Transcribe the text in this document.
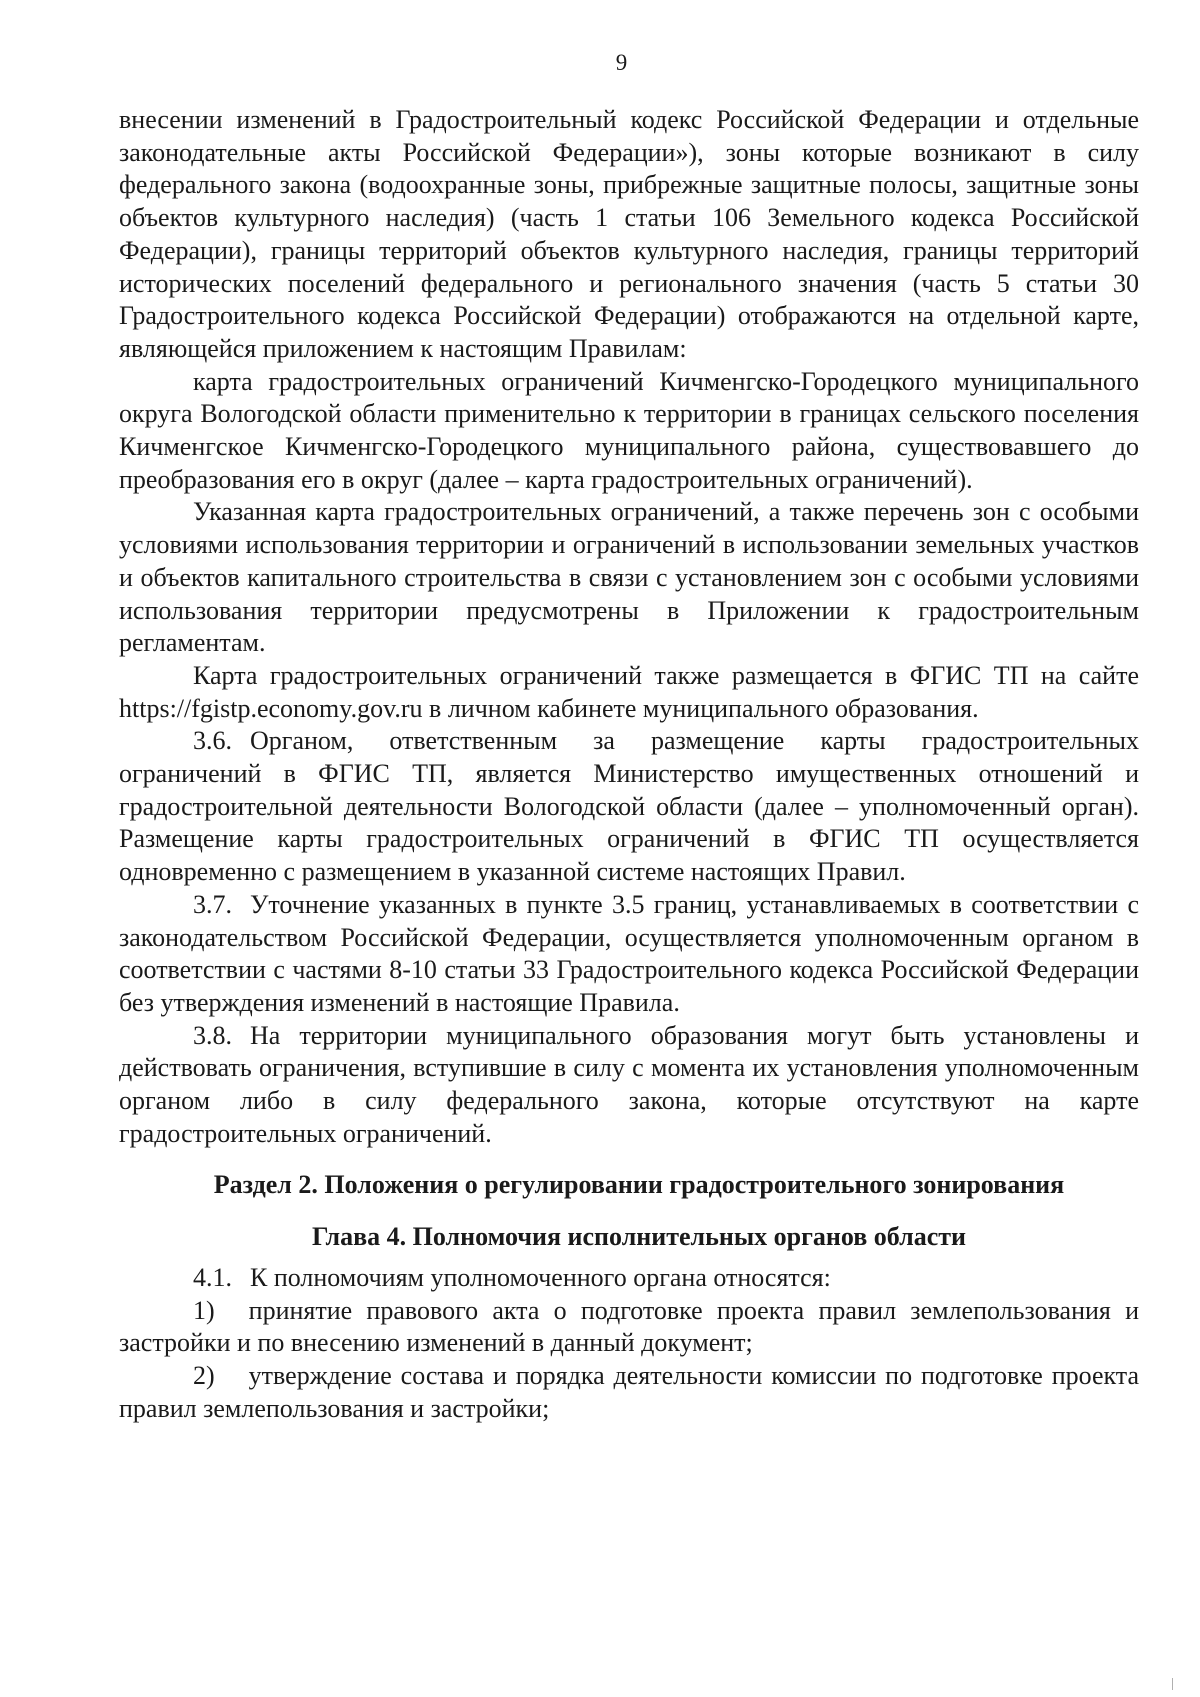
9

внесении изменений в Градостроительный кодекс Российской Федерации и отдельные законодательные акты Российской Федерации»), зоны которые возникают в силу федерального закона (водоохранные зоны, прибрежные защитные полосы, защитные зоны объектов культурного наследия) (часть 1 статьи 106 Земельного кодекса Российской Федерации), границы территорий объектов культурного наследия, границы территорий исторических поселений федерального и регионального значения (часть 5 статьи 30 Градостроительного кодекса Российской Федерации) отображаются на отдельной карте, являющейся приложением к настоящим Правилам:

карта градостроительных ограничений Кичменгско-Городецкого муниципального округа Вологодской области применительно к территории в границах сельского поселения Кичменгское Кичменгско-Городецкого муниципального района, существовавшего до преобразования его в округ (далее – карта градостроительных ограничений).

Указанная карта градостроительных ограничений, а также перечень зон с особыми условиями использования территории и ограничений в использовании земельных участков и объектов капитального строительства в связи с установлением зон с особыми условиями использования территории предусмотрены в Приложении к градостроительным регламентам.

Карта градостроительных ограничений также размещается в ФГИС ТП на сайте https://fgistp.economy.gov.ru в личном кабинете муниципального образования.

3.6. Органом, ответственным за размещение карты градостроительных ограничений в ФГИС ТП, является Министерство имущественных отношений и градостроительной деятельности Вологодской области (далее – уполномоченный орган). Размещение карты градостроительных ограничений в ФГИС ТП осуществляется одновременно с размещением в указанной системе настоящих Правил.

3.7. Уточнение указанных в пункте 3.5 границ, устанавливаемых в соответствии с законодательством Российской Федерации, осуществляется уполномоченным органом в соответствии с частями 8-10 статьи 33 Градостроительного кодекса Российской Федерации без утверждения изменений в настоящие Правила.

3.8. На территории муниципального образования могут быть установлены и действовать ограничения, вступившие в силу с момента их установления уполномоченным органом либо в силу федерального закона, которые отсутствуют на карте градостроительных ограничений.

Раздел 2. Положения о регулировании градостроительного зонирования
Глава 4. Полномочия исполнительных органов области

4.1. К полномочиям уполномоченного органа относятся:

1) принятие правового акта о подготовке проекта правил землепользования и застройки и по внесению изменений в данный документ;

2) утверждение состава и порядка деятельности комиссии по подготовке проекта правил землепользования и застройки;
